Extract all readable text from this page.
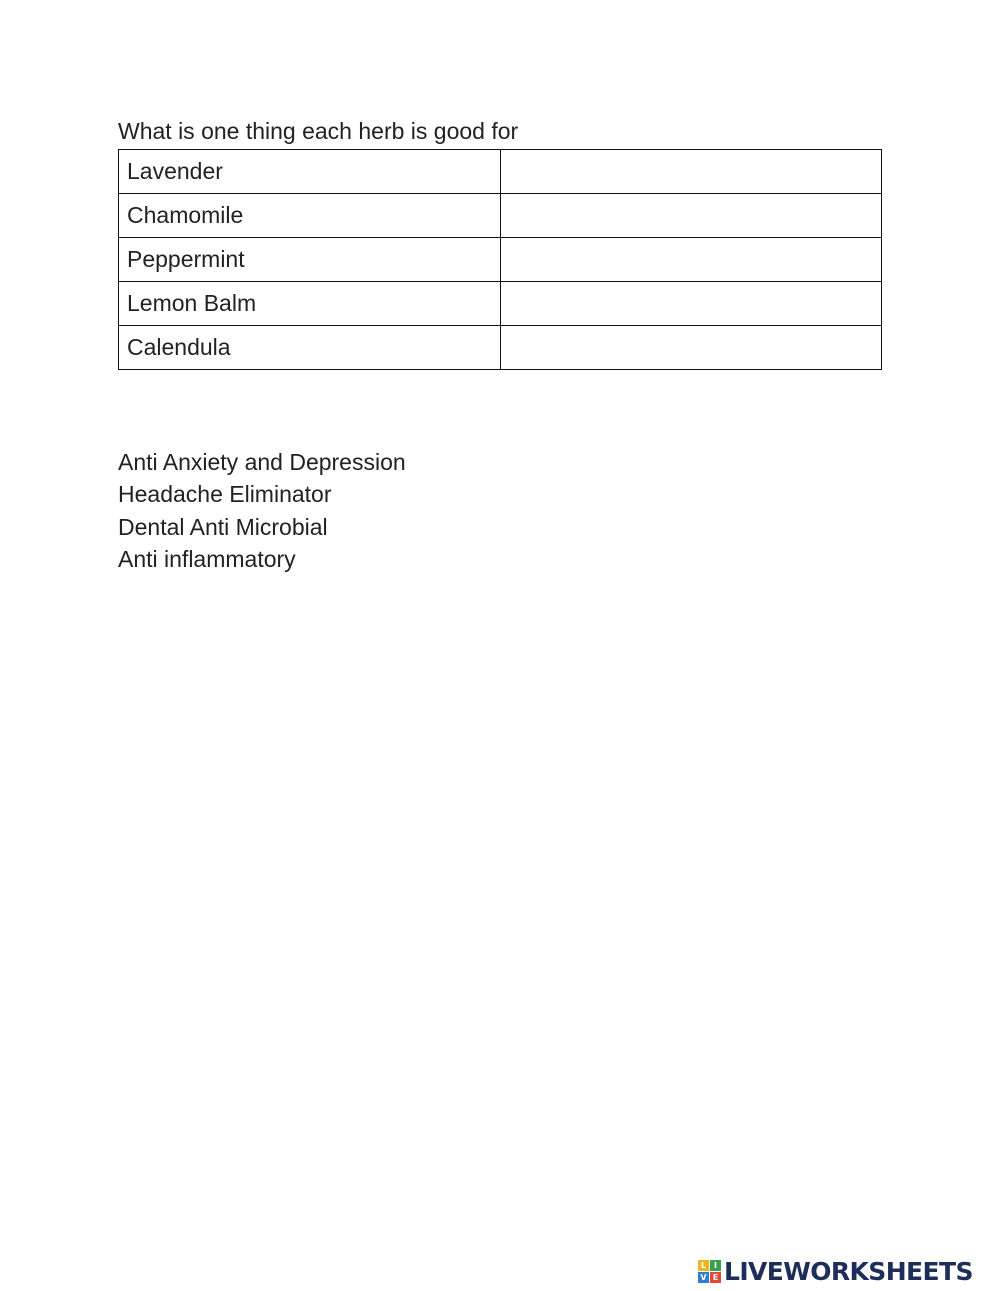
What is one thing each herb is good for
Lavender	
Chamomile	
Peppermint	
Lemon Balm	
Calendula	
Anti Anxiety and Depression
Headache Eliminator
Dental Anti Microbial
Anti inflammatory
L I
V E LIVEWORKSHEETS
